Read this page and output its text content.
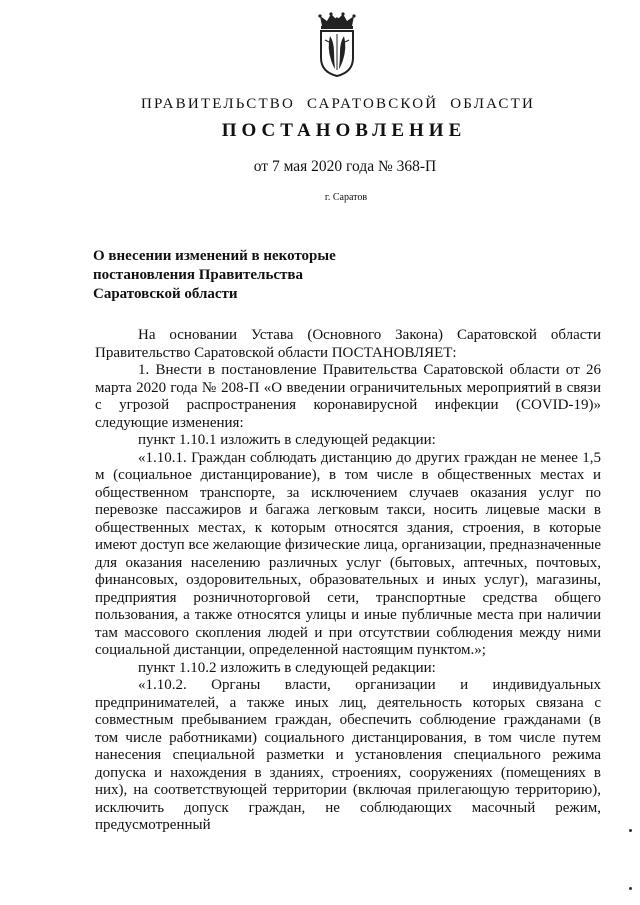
ПРАВИТЕЛЬСТВО САРАТОВСКОЙ ОБЛАСТИ
ПОСТАНОВЛЕНИЕ
от 7 мая 2020 года № 368-П
г. Саратов
О внесении изменений в некоторые
постановления Правительства
Саратовской области

На основании Устава (Основного Закона) Саратовской области Правительство Саратовской области ПОСТАНОВЛЯЕТ:

1. Внести в постановление Правительства Саратовской области от 26 марта 2020 года № 208-П «О введении ограничительных мероприятий в связи с угрозой распространения коронавирусной инфекции (COVID-19)» следующие изменения:

пункт 1.10.1 изложить в следующей редакции:

«1.10.1. Граждан соблюдать дистанцию до других граждан не менее 1,5 м (социальное дистанцирование), в том числе в общественных местах и общественном транспорте, за исключением случаев оказания услуг по перевозке пассажиров и багажа легковым такси, носить лицевые маски в общественных местах, к которым относятся здания, строения, в которые имеют доступ все желающие физические лица, организации, предназначенные для оказания населению различных услуг (бытовых, аптечных, почтовых, финансовых, оздоровительных, образовательных и иных услуг), магазины, предприятия розничноторговой сети, транспортные средства общего пользования, а также относятся улицы и иные публичные места при наличии там массового скопления людей и при отсутствии соблюдения между ними социальной дистанции, определенной настоящим пунктом.»;

пункт 1.10.2 изложить в следующей редакции:

«1.10.2. Органы власти, организации и индивидуальных предпринимателей, а также иных лиц, деятельность которых связана с совместным пребыванием граждан, обеспечить соблюдение гражданами (в том числе работниками) социального дистанцирования, в том числе путем нанесения специальной разметки и установления специального режима допуска и нахождения в зданиях, строениях, сооружениях (помещениях в них), на соответствующей территории (включая прилегающую территорию), исключить допуск граждан, не соблюдающих масочный режим, предусмотренный
